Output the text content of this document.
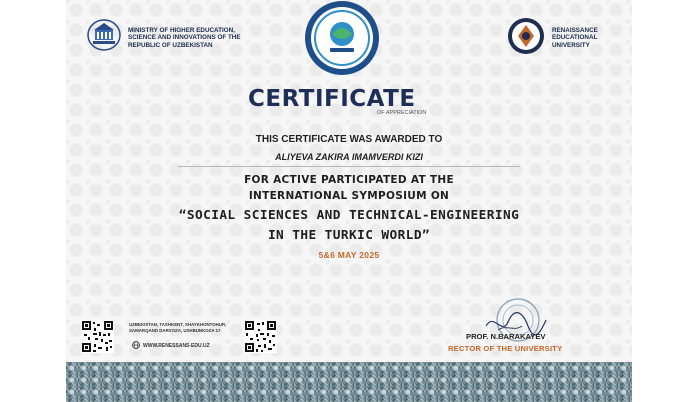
MINISTRY OF HIGHER EDUCATION, SCIENCE AND INNOVATIONS OF THE REPUBLIC OF UZBEKISTAN
RENAISSANCE EDUCATIONAL UNIVERSITY
CERTIFICATE
OF APPRECIATION
THIS CERTIFICATE WAS AWARDED TO
ALIYEVA ZAKIRA IMAMVERDI KIZI
FOR ACTIVE PARTICIPATED AT THE
INTERNATIONAL SYMPOSIUM ON
“SOCIAL SCIENCES AND TECHNICAL-ENGINEERING
IN THE TURKIC WORLD”
5&6 MAY 2025
UZBEKISTAN, TASHKENT, SHAYKHONTOHUR, SAMARQAND DARVOZA, USHBUNKOZA 17
WWW.RENESSANS-EDU.UZ
PROF. N.BARAKAYEV
RECTOR OF THE UNIVERSITY
